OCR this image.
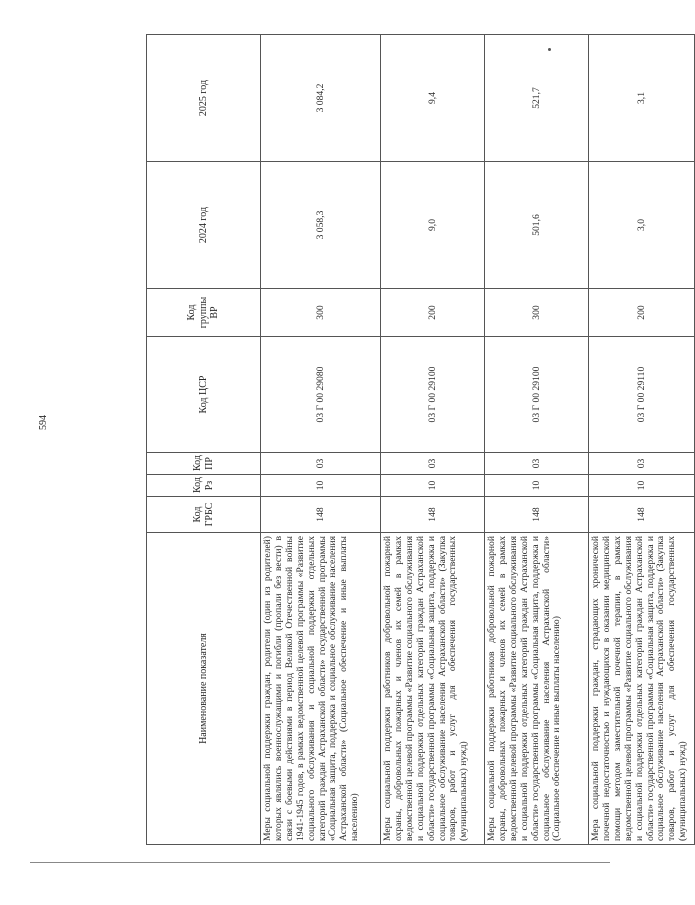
594
Наименование показателя	Код ГРБС	Код Рз	Код ПР	Код ЦСР	Код группы ВР	2024 год	2025 год
Меры социальной поддержки граждан, родители (один из родителей) которых являлись военнослужащими и погибли (пропали без вести) в связи с боевыми действиями в период Великой Отечественной войны 1941-1945 годов, в рамках ведомственной целевой программы «Развитие социального обслуживания и социальной поддержки отдельных категорий граждан Астраханской области» государственной программы «Социальная защита, поддержка и социальное обслуживание населения Астраханской области» (Социальное обеспечение и иные выплаты населению)	148	10	03	03 Г 00 29080	300	3 058,3	3 084,2
Меры социальной поддержки работников добровольной пожарной охраны, добровольных пожарных и членов их семей в рамках ведомственной целевой программы «Развитие социального обслуживания и социальной поддержки отдельных категорий граждан Астраханской области» государственной программы «Социальная защита, поддержка и социальное обслуживание населения Астраханской области» (Закупка товаров, работ и услуг для обеспечения государственных (муниципальных) нужд)	148	10	03	03 Г 00 29100	200	9,0	9,4
Меры социальной поддержки работников добровольной пожарной охраны, добровольных пожарных и членов их семей в рамках ведомственной целевой программы «Развитие социального обслуживания и социальной поддержки отдельных категорий граждан Астраханской области» государственной программы «Социальная защита, поддержка и социальное обслуживание населения Астраханской области» (Социальное обеспечение и иные выплаты населению)	148	10	03	03 Г 00 29100	300	501,6	521,7
Мера социальной поддержки граждан, страдающих хронической почечной недостаточностью и нуждающихся в оказании медицинской помощи методом заместительной почечной терапии, в рамках ведомственной целевой программы «Развитие социального обслуживания и социальной поддержки отдельных категорий граждан Астраханской области» государственной программы «Социальная защита, поддержка и социальное обслуживание населения Астраханской области» (Закупка товаров, работ и услуг для обеспечения государственных (муниципальных) нужд)	148	10	03	03 Г 00 29110	200	3,0	3,1
